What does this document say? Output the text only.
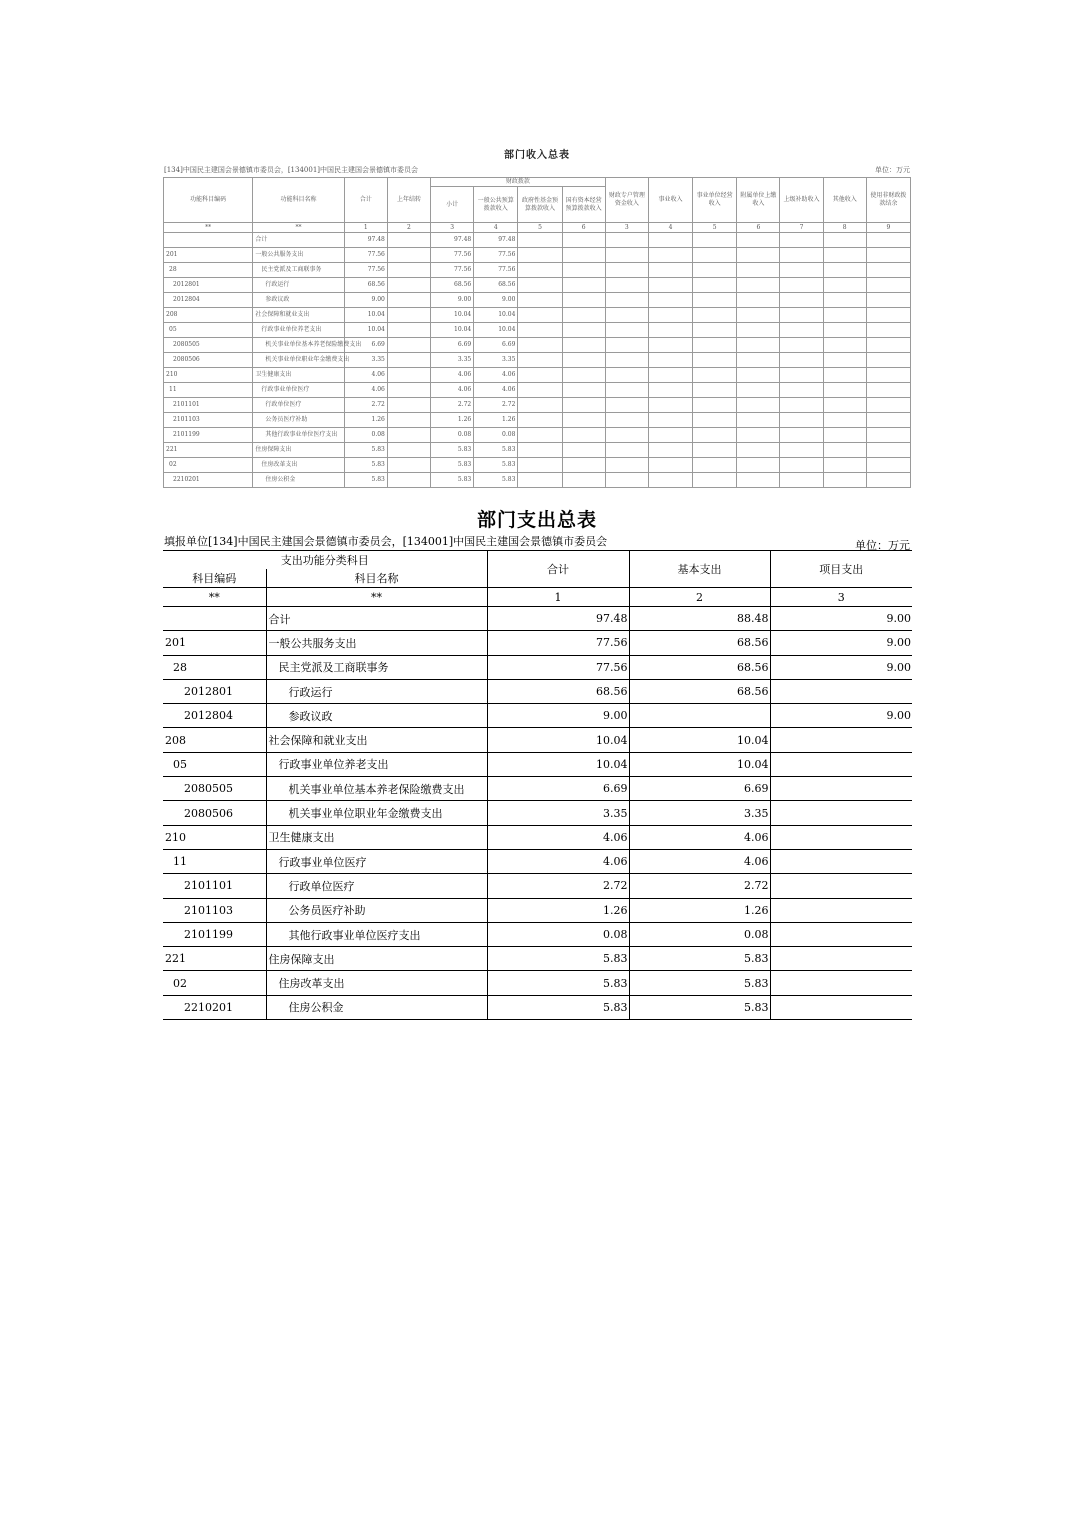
部门收入总表
[134]中国民主建国会景德镇市委员会，[134001]中国民主建国会景德镇市委员会	单位：万元
功能科目编码	功能科目名称	合计	上年结转	财政拨款				财政专户管理资金收入	事业收入	事业单位经营收入	附属单位上缴收入	上级补助收入	其他收入	使用非财政拨款结余
				小计	一般公共预算拨款收入	政府性基金预算拨款收入	国有资本经营预算拨款收入							
**	**	1	2	3	4	5	6	3	4	5	6	7	8	9
	合计	97.48		97.48	97.48									
201	一般公共服务支出	77.56		77.56	77.56									
28	民主党派及工商联事务	77.56		77.56	77.56									
2012801	行政运行	68.56		68.56	68.56									
2012804	参政议政	9.00		9.00	9.00									
208	社会保障和就业支出	10.04		10.04	10.04									
05	行政事业单位养老支出	10.04		10.04	10.04									
2080505	机关事业单位基本养老保险缴费支出	6.69		6.69	6.69									
2080506	机关事业单位职业年金缴费支出	3.35		3.35	3.35									
210	卫生健康支出	4.06		4.06	4.06									
11	行政事业单位医疗	4.06		4.06	4.06									
2101101	行政单位医疗	2.72		2.72	2.72									
2101103	公务员医疗补助	1.26		1.26	1.26									
2101199	其他行政事业单位医疗支出	0.08		0.08	0.08									
221	住房保障支出	5.83		5.83	5.83									
02	住房改革支出	5.83		5.83	5.83									
2210201	住房公积金	5.83		5.83	5.83									
部门支出总表
填报单位[134]中国民主建国会景德镇市委员会，[134001]中国民主建国会景德镇市委员会	单位：万元
支出功能分类科目		合计	基本支出	项目支出
科目编码	科目名称			
**	**	1	2	3
	合计	97.48	88.48	9.00
201	一般公共服务支出	77.56	68.56	9.00
28	民主党派及工商联事务	77.56	68.56	9.00
2012801	行政运行	68.56	68.56	
2012804	参政议政	9.00		9.00
208	社会保障和就业支出	10.04	10.04	
05	行政事业单位养老支出	10.04	10.04	
2080505	机关事业单位基本养老保险缴费支出	6.69	6.69	
2080506	机关事业单位职业年金缴费支出	3.35	3.35	
210	卫生健康支出	4.06	4.06	
11	行政事业单位医疗	4.06	4.06	
2101101	行政单位医疗	2.72	2.72	
2101103	公务员医疗补助	1.26	1.26	
2101199	其他行政事业单位医疗支出	0.08	0.08	
221	住房保障支出	5.83	5.83	
02	住房改革支出	5.83	5.83	
2210201	住房公积金	5.83	5.83	
